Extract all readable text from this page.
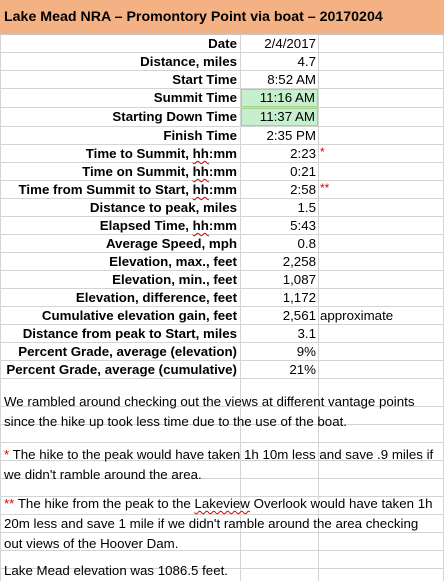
Lake Mead NRA – Promontory Point via boat – 20170204
Date	2/4/2017
Distance, miles	4.7
Start Time	8:52 AM
Summit Time	11:16 AM
Starting Down Time	11:37 AM
Finish Time	2:35 PM
Time to Summit, hh:mm	2:23 *
Time on Summit, hh:mm	0:21
Time from Summit to Start, hh:mm	2:58 **
Distance to peak, miles	1.5
Elapsed Time, hh:mm	5:43
Average Speed, mph	0.8
Elevation, max., feet	2,258
Elevation, min., feet	1,087
Elevation, difference, feet	1,172
Cumulative elevation gain, feet	2,561 approximate
Distance from peak to Start, miles	3.1
Percent Grade, average (elevation)	9%
Percent Grade, average (cumulative)	21%
We rambled around checking out the views at different vantage points since the hike up took less time due to the use of the boat.
* The hike to the peak would have taken 1h 10m less and save .9 miles if we didn't ramble around the area.
** The hike from the peak to the Lakeview Overlook would have taken 1h 20m less and save 1 mile if we didn't ramble around the area checking out views of the Hoover Dam.
Lake Mead elevation was 1086.5 feet.
